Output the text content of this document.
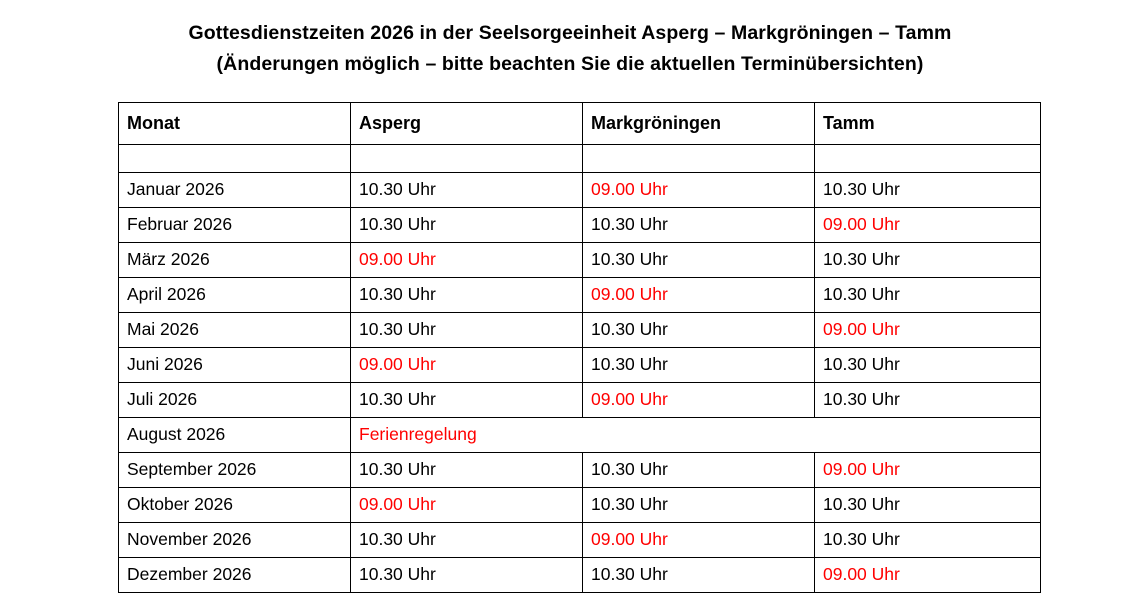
Gottesdienstzeiten 2026 in der Seelsorgeeinheit Asperg – Markgröningen – Tamm
(Änderungen möglich – bitte beachten Sie die aktuellen Terminübersichten)
Monat	Asperg	Markgröningen	Tamm

Januar 2026	10.30 Uhr	09.00 Uhr	10.30 Uhr
Februar 2026	10.30 Uhr	10.30 Uhr	09.00 Uhr
März 2026	09.00 Uhr	10.30 Uhr	10.30 Uhr
April 2026	10.30 Uhr	09.00 Uhr	10.30 Uhr
Mai 2026	10.30 Uhr	10.30 Uhr	09.00 Uhr
Juni 2026	09.00 Uhr	10.30 Uhr	10.30 Uhr
Juli 2026	10.30 Uhr	09.00 Uhr	10.30 Uhr
August 2026	Ferienregelung		
September 2026	10.30 Uhr	10.30 Uhr	09.00 Uhr
Oktober 2026	09.00 Uhr	10.30 Uhr	10.30 Uhr
November 2026	10.30 Uhr	09.00 Uhr	10.30 Uhr
Dezember 2026	10.30 Uhr	10.30 Uhr	09.00 Uhr
